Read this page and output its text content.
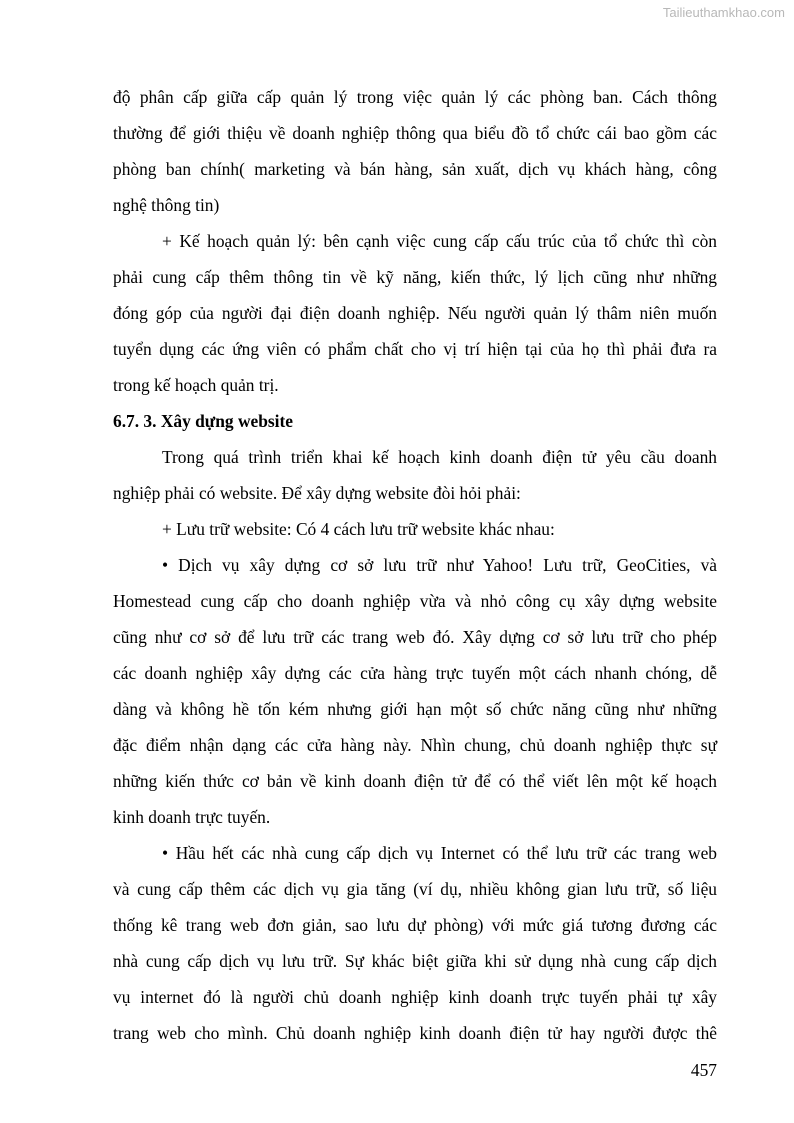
Tailieuthamkhao.com
độ phân cấp giữa cấp quản lý trong việc quản lý các phòng ban. Cách thông
thường để giới thiệu về doanh nghiệp thông qua biểu đồ tổ chức cái bao gồm các
phòng ban chính( marketing và bán hàng, sản xuất, dịch vụ khách hàng, công
nghệ thông tin)
+ Kế hoạch quản lý: bên cạnh việc cung cấp cấu trúc của tổ chức thì còn
phải cung cấp thêm thông tin về kỹ năng, kiến thức, lý lịch cũng như những
đóng góp của người đại điện doanh nghiệp. Nếu người quản lý thâm niên muốn
tuyển dụng các ứng viên có phẩm chất cho vị trí hiện tại của họ thì phải đưa ra
trong kế hoạch quản trị.
6.7. 3. Xây dựng website
Trong quá trình triển khai kế hoạch kinh doanh điện tử yêu cầu doanh
nghiệp phải có website. Để xây dựng website đòi hỏi phải:
+ Lưu trữ website: Có 4 cách lưu trữ website khác nhau:
• Dịch vụ xây dựng cơ sở lưu trữ như Yahoo! Lưu trữ, GeoCities, và
Homestead cung cấp cho doanh nghiệp vừa và nhỏ công cụ xây dựng website
cũng như cơ sở để lưu trữ các trang web đó. Xây dựng cơ sở lưu trữ cho phép
các doanh nghiệp xây dựng các cửa hàng trực tuyến một cách nhanh chóng, dễ
dàng và không hề tốn kém nhưng giới hạn một số chức năng cũng như những
đặc điểm nhận dạng các cửa hàng này. Nhìn chung, chủ doanh nghiệp thực sự
những kiến thức cơ bản về kinh doanh điện tử để có thể viết lên một kế hoạch
kinh doanh trực tuyến.
• Hầu hết các nhà cung cấp dịch vụ Internet có thể lưu trữ các trang web
và cung cấp thêm các dịch vụ gia tăng (ví dụ, nhiều không gian lưu trữ, số liệu
thống kê trang web đơn giản, sao lưu dự phòng) với mức giá tương đương các
nhà cung cấp dịch vụ lưu trữ. Sự khác biệt giữa khi sử dụng nhà cung cấp dịch
vụ internet đó là người chủ doanh nghiệp kinh doanh trực tuyến phải tự xây
trang web cho mình. Chủ doanh nghiệp kinh doanh điện tử hay người được thê
457
